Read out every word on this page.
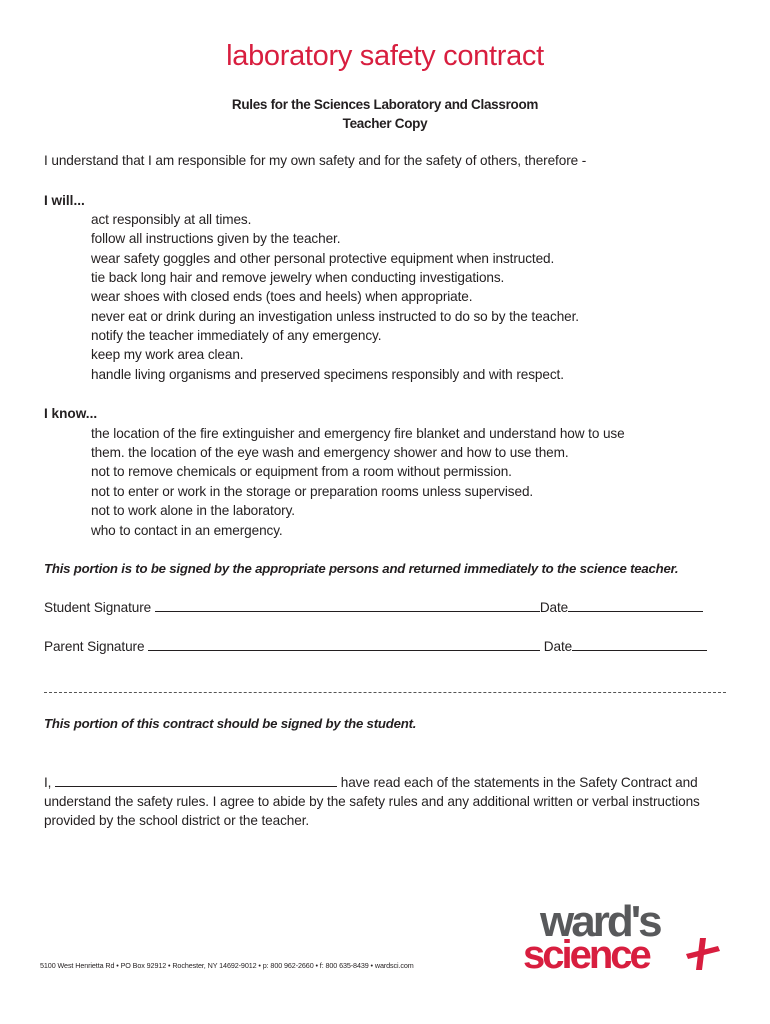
laboratory safety contract
Rules for the Sciences Laboratory and Classroom
Teacher Copy
I understand that I am responsible for my own safety and for the safety of others, therefore -
I will...
act responsibly at all times.
follow all instructions given by the teacher.
wear safety goggles and other personal protective equipment when instructed.
tie back long hair and remove jewelry when conducting investigations.
wear shoes with closed ends (toes and heels) when appropriate.
never eat or drink during an investigation unless instructed to do so by the teacher.
notify the teacher immediately of any emergency.
keep my work area clean.
handle living organisms and preserved specimens responsibly and with respect.
I know...
the location of the fire extinguisher and emergency fire blanket and understand how to use
them. the location of the eye wash and emergency shower and how to use them.
not to remove chemicals or equipment from a room without permission.
not to enter or work in the storage or preparation rooms unless supervised.
not to work alone in the laboratory.
who to contact in an emergency.
This portion is to be signed by the appropriate persons and returned immediately to the science teacher.
Student Signature	Date
Parent Signature	Date
This portion of this contract should be signed by the student.
I,	have read each of the statements in the Safety Contract and
understand the safety rules. I agree to abide by the safety rules and any additional written or verbal instructions
provided by the school district or the teacher.
5100 West Henrietta Rd • PO Box 92912 • Rochester, NY 14692-9012 • p: 800 962-2660 • f: 800 635-8439 • wardsci.com
ward's
science
